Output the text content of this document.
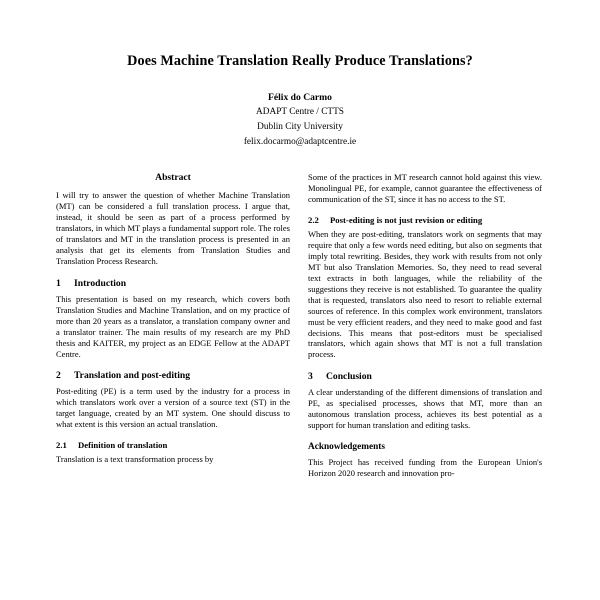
Does Machine Translation Really Produce Translations?
Félix do Carmo
ADAPT Centre / CTTS
Dublin City University
felix.docarmo@adaptcentre.ie
Abstract

I will try to answer the question of whether Machine Translation (MT) can be considered a full translation process. I argue that, instead, it should be seen as part of a process performed by translators, in which MT plays a fundamental support role. The roles of translators and MT in the translation process is presented in an analysis that get its elements from Translation Studies and Translation Process Research.

1	Introduction

This presentation is based on my research, which covers both Translation Studies and Machine Translation, and on my practice of more than 20 years as a translator, a translation company owner and a translator trainer. The main results of my research are my PhD thesis and KAITER, my project as an EDGE Fellow at the ADAPT Centre.

2	Translation and post-editing

Post-editing (PE) is a term used by the industry for a process in which translators work over a version of a source text (ST) in the target language, created by an MT system. One should discuss to what extent is this version an actual translation.

2.1	Definition of translation

Translation is a text transformation process by

Some of the practices in MT research cannot hold against this view. Monolingual PE, for example, cannot guarantee the effectiveness of communication of the ST, since it has no access to the ST.

2.2	Post-editing is not just revision or editing

When they are post-editing, translators work on segments that may require that only a few words need editing, but also on segments that imply total rewriting. Besides, they work with results from not only MT but also Translation Memories. So, they need to read several text extracts in both languages, while the reliability of the suggestions they receive is not established. To guarantee the quality that is requested, translators also need to resort to reliable external sources of reference. In this complex work environment, translators must be very efficient readers, and they need to make good and fast decisions. This means that post-editors must be specialised translators, which again shows that MT is not a full translation process.

3	Conclusion

A clear understanding of the different dimensions of translation and PE, as specialised processes, shows that MT, more than an autonomous translation process, achieves its best potential as a support for human translation and editing tasks.

Acknowledgements

This Project has received funding from the European Union's Horizon 2020 research and innovation pro-
